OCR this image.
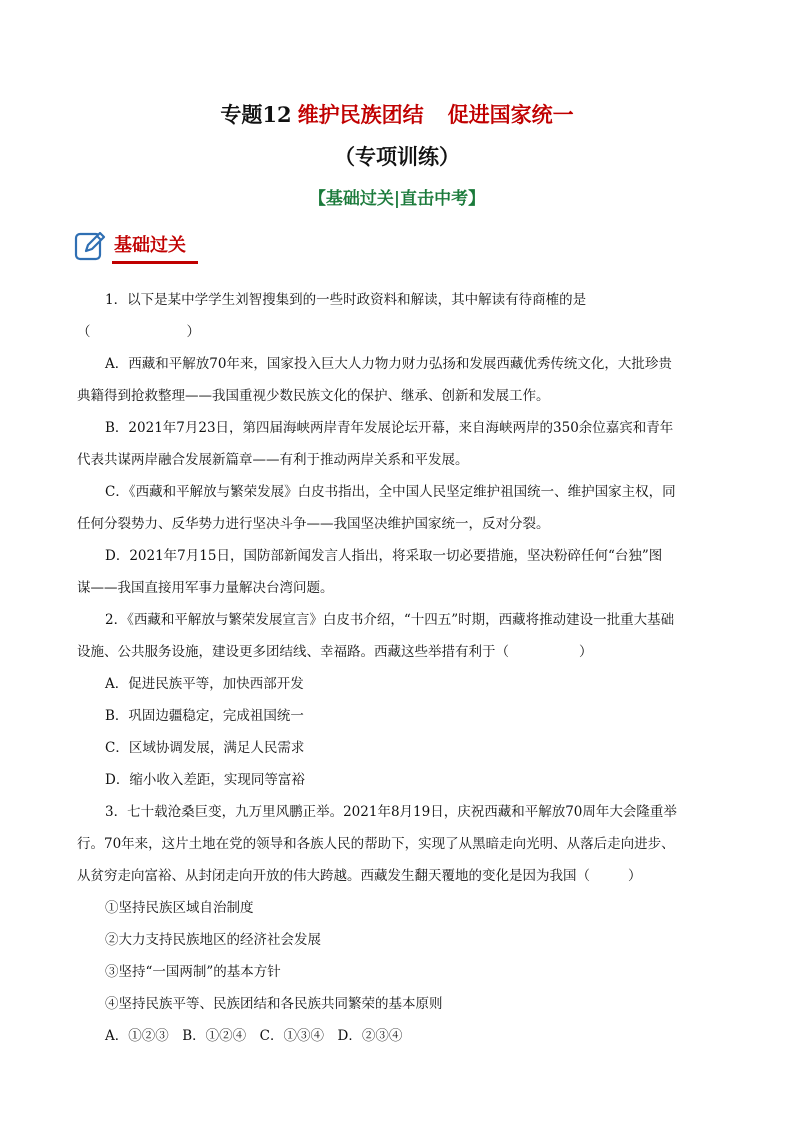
专题12 维护民族团结 促进国家统一
（专项训练）
【基础过关|直击中考】
基础过关

1．以下是某中学学生刘智搜集到的一些时政资料和解读，其中解读有待商榷的是

（	）

A．西藏和平解放70年来，国家投入巨大人力物力财力弘扬和发展西藏优秀传统文化，大批珍贵

典籍得到抢救整理——我国重视少数民族文化的保护、继承、创新和发展工作。

B．2021年7月23日，第四届海峡两岸青年发展论坛开幕，来自海峡两岸的350余位嘉宾和青年

代表共谋两岸融合发展新篇章——有利于推动两岸关系和平发展。

C．《西藏和平解放与繁荣发展》白皮书指出，全中国人民坚定维护祖国统一、维护国家主权，同

任何分裂势力、反华势力进行坚决斗争——我国坚决维护国家统一，反对分裂。

D．2021年7月15日，国防部新闻发言人指出，将采取一切必要措施，坚决粉碎任何“台独”图

谋——我国直接用军事力量解决台湾问题。

2．《西藏和平解放与繁荣发展宣言》白皮书介绍，“十四五”时期，西藏将推动建设一批重大基础

设施、公共服务设施，建设更多团结线、幸福路。西藏这些举措有利于（	）

A．促进民族平等，加快西部开发

B．巩固边疆稳定，完成祖国统一

C．区域协调发展，满足人民需求

D．缩小收入差距，实现同等富裕

3．七十载沧桑巨变，九万里风鹏正举。2021年8月19日，庆祝西藏和平解放70周年大会隆重举

行。70年来，这片土地在党的领导和各族人民的帮助下，实现了从黑暗走向光明、从落后走向进步、

从贫穷走向富裕、从封闭走向开放的伟大跨越。西藏发生翻天覆地的变化是因为我国（	）

①坚持民族区域自治制度

②大力支持民族地区的经济社会发展

③坚持“一国两制”的基本方针

④坚持民族平等、民族团结和各民族共同繁荣的基本原则

A．①②③　B．①②④　C．①③④　D．②③④
